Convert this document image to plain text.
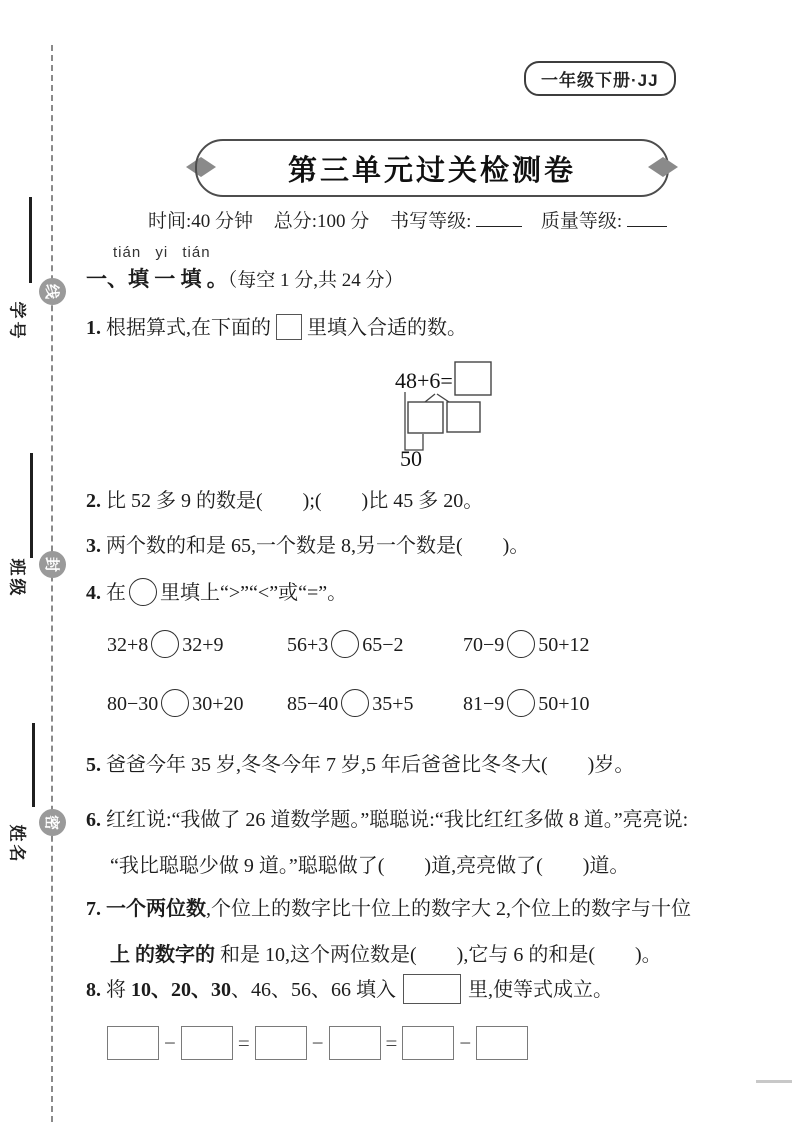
学号
线
班级	封
姓名
密
一年级下册·JJ
第三单元过关检测卷
时间:40 分钟 总分:100 分 书写等级:	质量等级:
tián yi tián
一、填 一 填 。（每空 1 分,共 24 分）
1. 根据算式,在下面的 里填入合适的数。
48+6=
50
2. 比 52 多 9 的数是(        );(        )比 45 多 20。
3. 两个数的和是 65,一个数是 8,另一个数是(        )。
4. 在 里填上“>”“<”或“=”。
32+8 32+9	56+3 65−2	70−9 50+12
80−30 30+20	85−40 35+5	81−9 50+10
5. 爸爸今年 35 岁,冬冬今年 7 岁,5 年后爸爸比冬冬大(        )岁。
6. 红红说:“我做了 26 道数学题。”聪聪说:“我比红红多做 8 道。”亮亮说:
“我比聪聪少做 9 道。”聪聪做了(        )道,亮亮做了(        )道。
7. 一个两位数,个位上的数字比十位上的数字大 2,个位上的数字与十位
上 的数字的 和是 10,这个两位数是(        ),它与 6 的和是(        )。
8. 将 10、20、30、46、56、66 填入	里,使等式成立。
−	=	−	=	−
